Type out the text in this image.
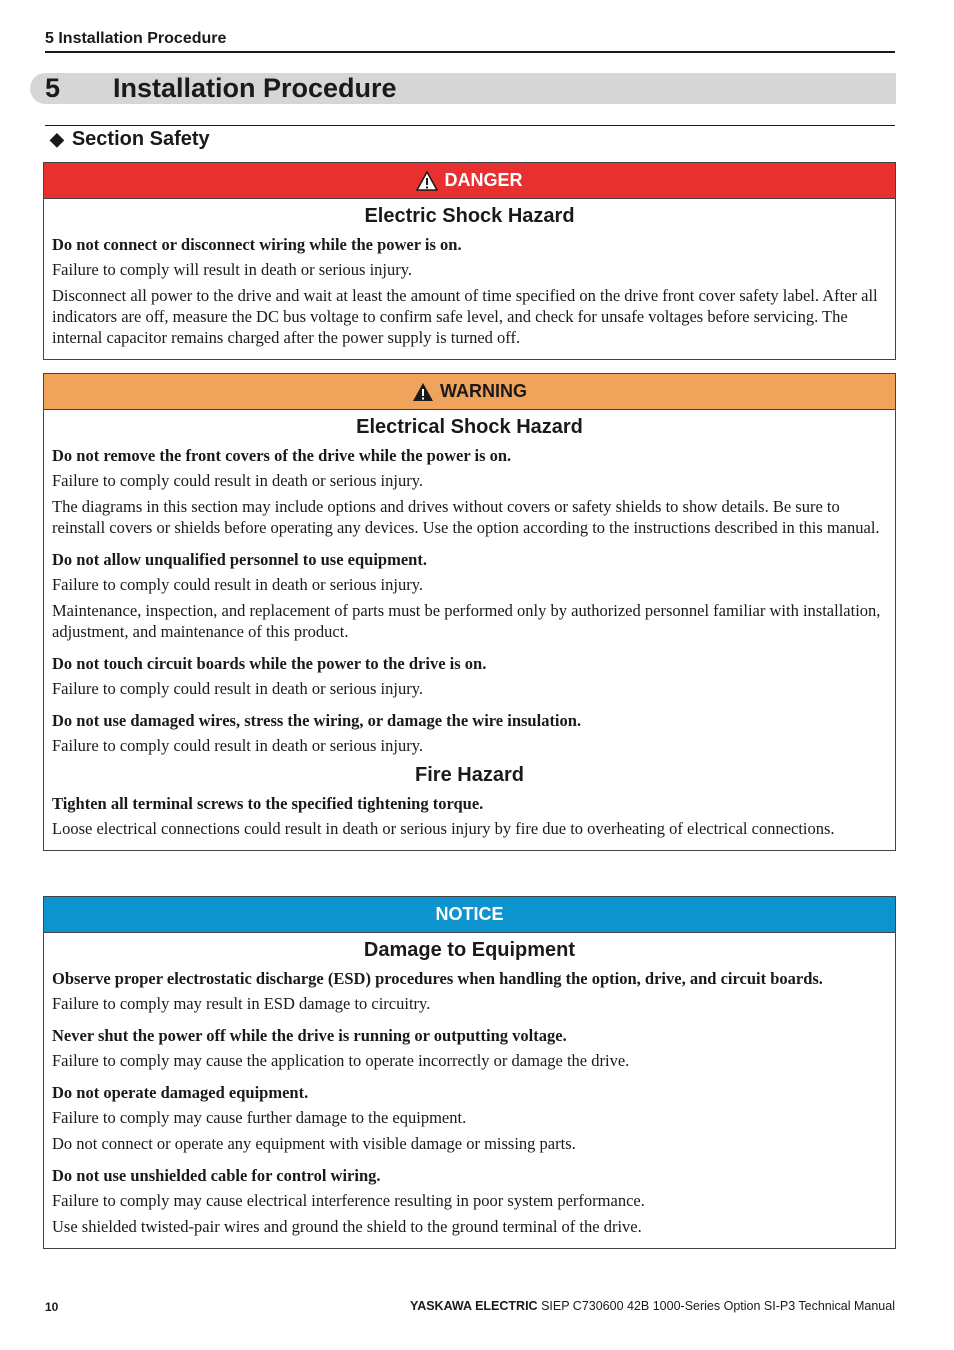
5 Installation Procedure
5 Installation Procedure
◆ Section Safety
DANGER
Electric Shock Hazard

Do not connect or disconnect wiring while the power is on.

Failure to comply will result in death or serious injury.

Disconnect all power to the drive and wait at least the amount of time specified on the drive front cover safety label. After all indicators are off, measure the DC bus voltage to confirm safe level, and check for unsafe voltages before servicing. The internal capacitor remains charged after the power supply is turned off.

WARNING
Electrical Shock Hazard

Do not remove the front covers of the drive while the power is on.

Failure to comply could result in death or serious injury.

The diagrams in this section may include options and drives without covers or safety shields to show details. Be sure to reinstall covers or shields before operating any devices. Use the option according to the instructions described in this manual.

Do not allow unqualified personnel to use equipment.

Failure to comply could result in death or serious injury.

Maintenance, inspection, and replacement of parts must be performed only by authorized personnel familiar with installation, adjustment, and maintenance of this product.

Do not touch circuit boards while the power to the drive is on.

Failure to comply could result in death or serious injury.

Do not use damaged wires, stress the wiring, or damage the wire insulation.

Failure to comply could result in death or serious injury.

Fire Hazard

Tighten all terminal screws to the specified tightening torque.

Loose electrical connections could result in death or serious injury by fire due to overheating of electrical connections.

NOTICE
Damage to Equipment

Observe proper electrostatic discharge (ESD) procedures when handling the option, drive, and circuit boards.

Failure to comply may result in ESD damage to circuitry.

Never shut the power off while the drive is running or outputting voltage.

Failure to comply may cause the application to operate incorrectly or damage the drive.

Do not operate damaged equipment.

Failure to comply may cause further damage to the equipment.

Do not connect or operate any equipment with visible damage or missing parts.

Do not use unshielded cable for control wiring.

Failure to comply may cause electrical interference resulting in poor system performance.

Use shielded twisted-pair wires and ground the shield to the ground terminal of the drive.

10	YASKAWA ELECTRIC SIEP C730600 42B 1000-Series Option SI-P3 Technical Manual
